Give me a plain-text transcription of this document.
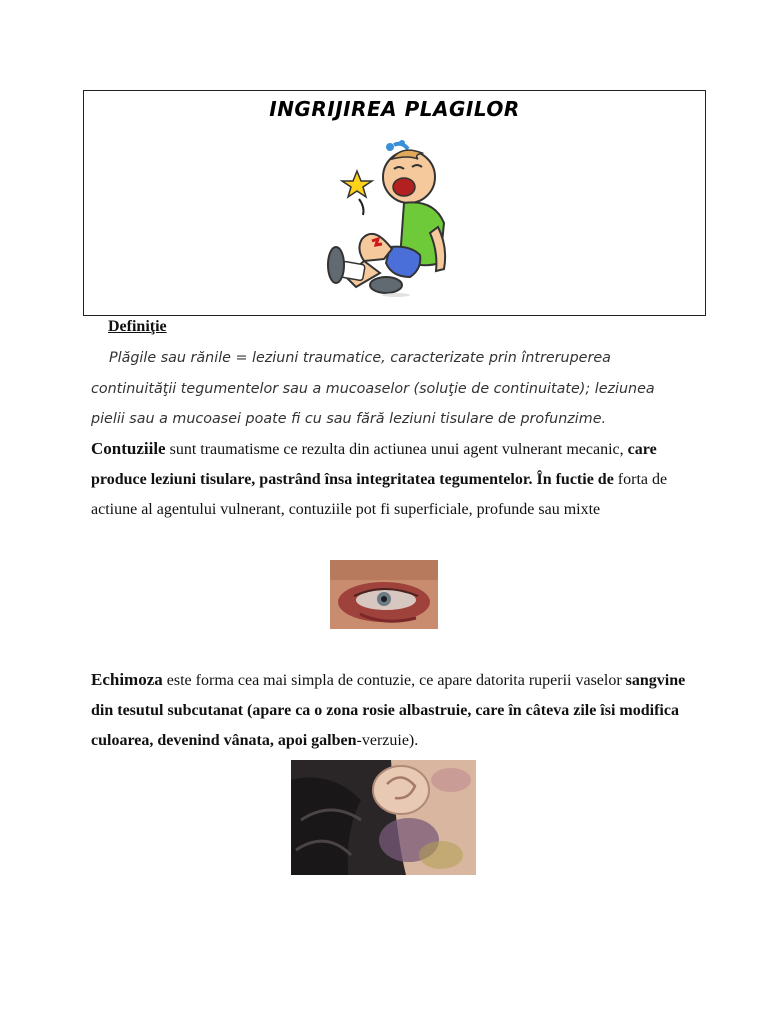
INGRIJIREA PLAGILOR
Definiţie

Plăgile sau rănile = leziuni traumatice, caracterizate prin întreruperea continuităţii tegumentelor sau a mucoaselor (soluţie de continuitate); leziunea pielii sau a mucoasei poate fi cu sau fără leziuni tisulare de profunzime.

Contuziile sunt traumatisme ce rezulta din actiunea unui agent vulnerant mecanic, care produce leziuni tisulare, pastrând însa integritatea tegumentelor. În fuctie de forta de actiune al agentului vulnerant, contuziile pot fi superficiale, profunde sau mixte

Echimoza este forma cea mai simpla de contuzie, ce apare datorita ruperii vaselor sangvine din tesutul subcutanat (apare ca o zona rosie albastruie, care în câteva zile îsi modifica culoarea, devenind vânata, apoi galben-verzuie).
